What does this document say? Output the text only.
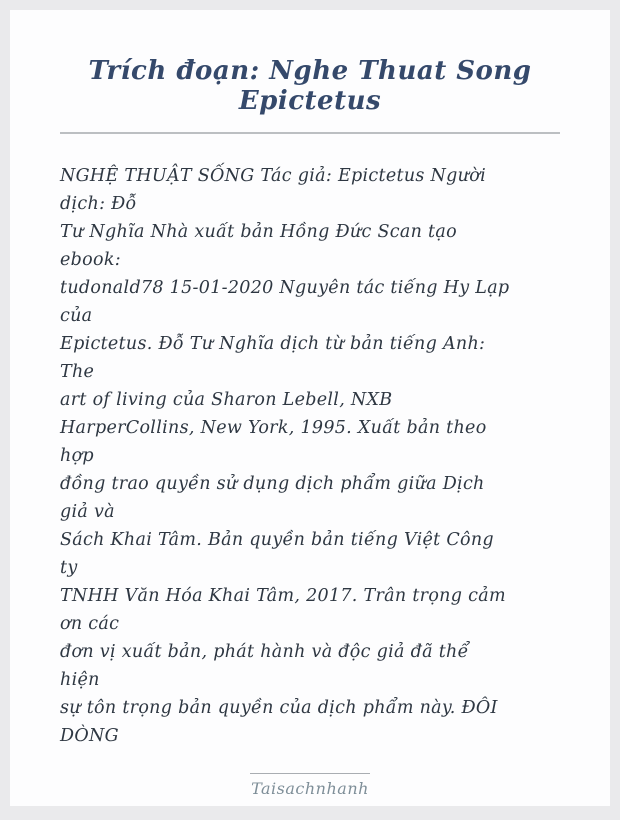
Trích đoạn: Nghe Thuat Song Epictetus
NGHỆ THUẬT SỐNG Tác giả: Epictetus Người
dịch: Đỗ
Tư Nghĩa Nhà xuất bản Hồng Đức Scan tạo
ebook:
tudonald78 15-01-2020 Nguyên tác tiếng Hy Lạp
của
Epictetus. Đỗ Tư Nghĩa dịch từ bản tiếng Anh:
The
art of living của Sharon Lebell, NXB
HarperCollins, New York, 1995. Xuất bản theo
hợp
đồng trao quyền sử dụng dịch phẩm giữa Dịch
giả và
Sách Khai Tâm. Bản quyền bản tiếng Việt Công
ty
TNHH Văn Hóa Khai Tâm, 2017. Trân trọng cảm
ơn các
đơn vị xuất bản, phát hành và độc giả đã thể
hiện
sự tôn trọng bản quyền của dịch phẩm này. ĐÔI
DÒNG
Taisachnhanh
